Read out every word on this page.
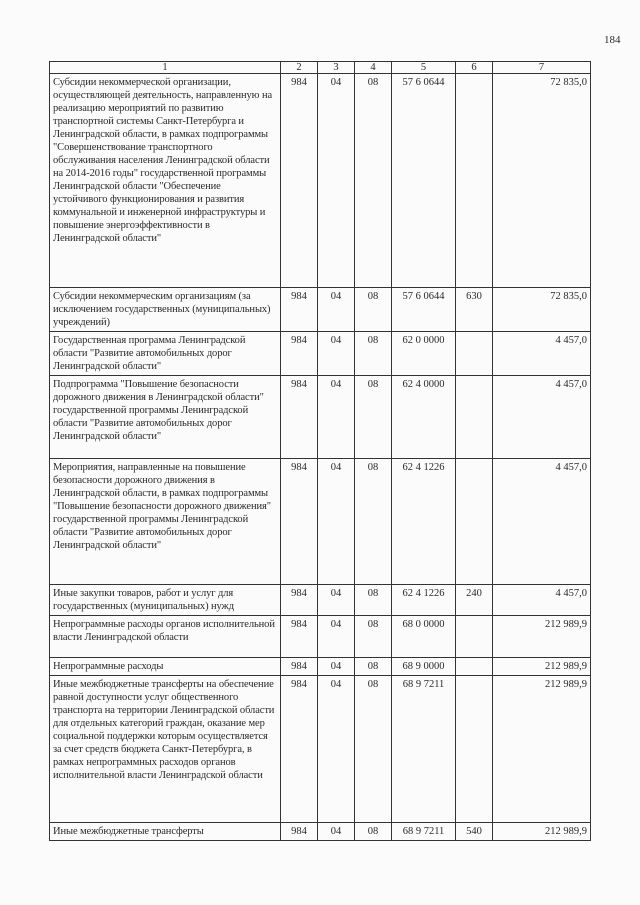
184
1	2	3	4	5	6	7
Субсидии некоммерческой организации, осуществляющей деятельность, направленную на реализацию мероприятий по развитию транспортной системы Санкт-Петербурга и Ленинградской области, в рамках подпрограммы "Совершенствование транспортного обслуживания населения Ленинградской области на 2014-2016 годы" государственной программы Ленинградской области "Обеспечение устойчивого функционирования и развития коммунальной и инженерной инфраструктуры и повышение энергоэффективности в Ленинградской области"	984	04	08	57 6 0644		72 835,0
Субсидии некоммерческим организациям (за исключением государственных (муниципальных) учреждений)	984	04	08	57 6 0644	630	72 835,0
Государственная программа Ленинградской области "Развитие автомобильных дорог Ленинградской области"	984	04	08	62 0 0000		4 457,0
Подпрограмма "Повышение безопасности дорожного движения в Ленинградской области" государственной программы Ленинградской области "Развитие автомобильных дорог Ленинградской области"	984	04	08	62 4 0000		4 457,0
Мероприятия, направленные на повышение безопасности дорожного движения в Ленинградской области, в рамках подпрограммы "Повышение безопасности дорожного движения" государственной программы Ленинградской области "Развитие автомобильных дорог Ленинградской области"	984	04	08	62 4 1226		4 457,0
Иные закупки товаров, работ и услуг для государственных (муниципальных) нужд	984	04	08	62 4 1226	240	4 457,0
Непрограммные расходы органов исполнительной власти Ленинградской области	984	04	08	68 0 0000		212 989,9
Непрограммные расходы	984	04	08	68 9 0000		212 989,9
Иные межбюджетные трансферты на обеспечение равной доступности услуг общественного транспорта на территории Ленинградской области для отдельных категорий граждан, оказание мер социальной поддержки которым осуществляется за счет средств бюджета Санкт-Петербурга, в рамках непрограммных расходов органов исполнительной власти Ленинградской области	984	04	08	68 9 7211		212 989,9
Иные межбюджетные трансферты	984	04	08	68 9 7211	540	212 989,9
